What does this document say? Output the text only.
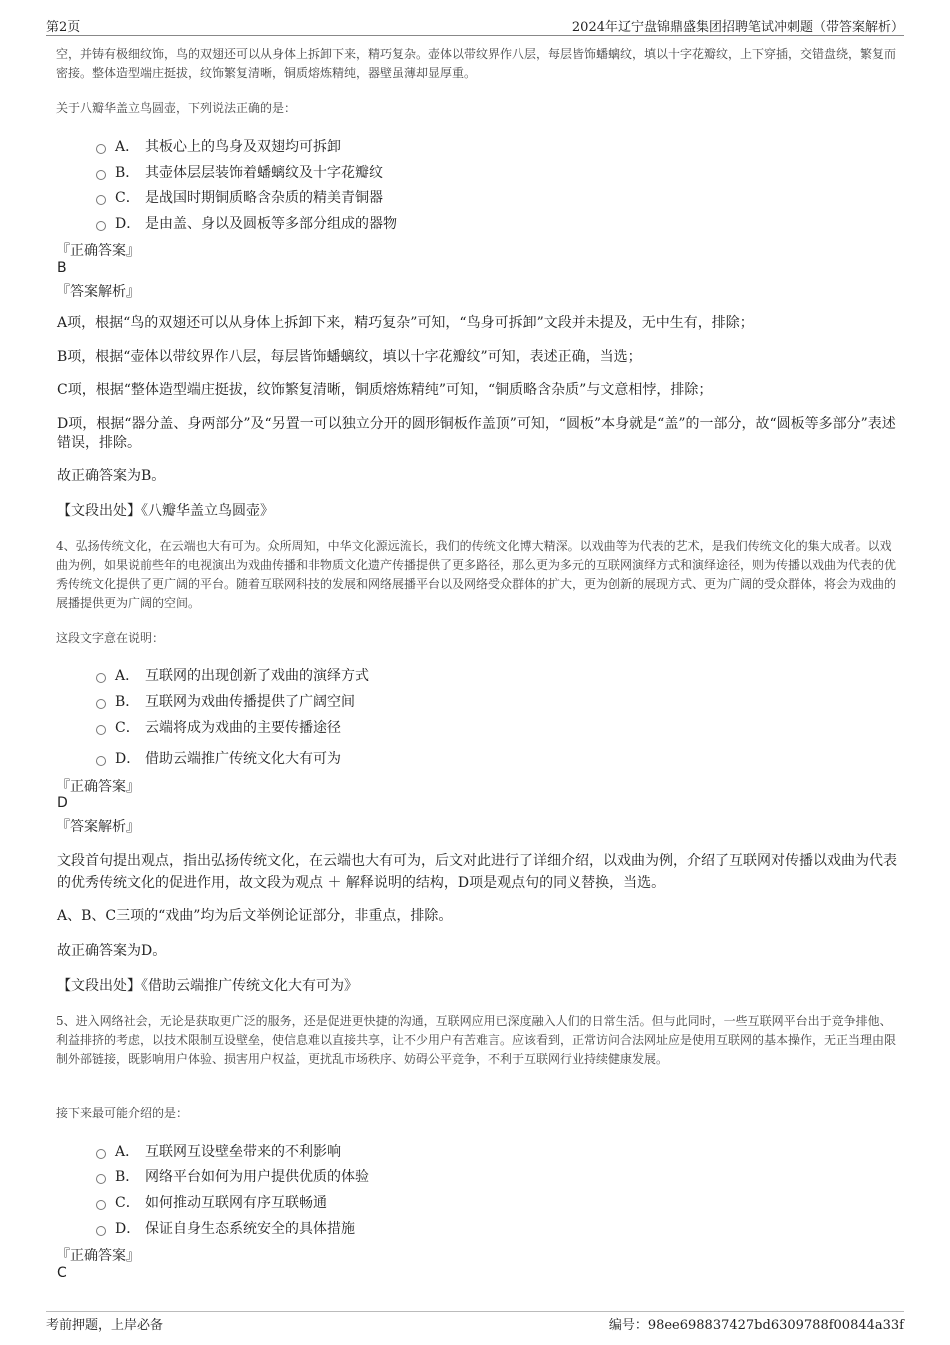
第2页	2024年辽宁盘锦鼎盛集团招聘笔试冲刺题（带答案解析）
空，并铸有极细纹饰，鸟的双翅还可以从身体上拆卸下来，精巧复杂。壶体以带纹界作八层，每层皆饰蟠螭纹，填以十字花瓣纹，上下穿插，交错盘绕，繁复而密接。整体造型端庄挺拔，纹饰繁复清晰，铜质熔炼精纯，器壁虽薄却显厚重。
关于八瓣华盖立鸟圆壶，下列说法正确的是：
A． 其板心上的鸟身及双翅均可拆卸
B． 其壶体层层装饰着蟠螭纹及十字花瓣纹
C． 是战国时期铜质略含杂质的精美青铜器
D． 是由盖、身以及圆板等多部分组成的器物
『正确答案』
B
『答案解析』
A项，根据“鸟的双翅还可以从身体上拆卸下来，精巧复杂”可知，“鸟身可拆卸”文段并未提及，无中生有，排除；
B项，根据“壶体以带纹界作八层，每层皆饰蟠螭纹，填以十字花瓣纹”可知，表述正确，当选；
C项，根据“整体造型端庄挺拔，纹饰繁复清晰，铜质熔炼精纯”可知，“铜质略含杂质”与文意相悖，排除；
D项，根据“器分盖、身两部分”及“另置一可以独立分开的圆形铜板作盖顶”可知，“圆板”本身就是“盖”的一部分，故“圆板等多部分”表述错误，排除。
故正确答案为B。
【文段出处】《八瓣华盖立鸟圆壶》
4、弘扬传统文化，在云端也大有可为。众所周知，中华文化源远流长，我们的传统文化博大精深。以戏曲等为代表的艺术，是我们传统文化的集大成者。以戏曲为例，如果说前些年的电视演出为戏曲传播和非物质文化遗产传播提供了更多路径，那么更为多元的互联网演绎方式和演绎途径，则为传播以戏曲为代表的优秀传统文化提供了更广阔的平台。随着互联网科技的发展和网络展播平台以及网络受众群体的扩大，更为创新的展现方式、更为广阔的受众群体，将会为戏曲的展播提供更为广阔的空间。
这段文字意在说明：
A． 互联网的出现创新了戏曲的演绎方式
B． 互联网为戏曲传播提供了广阔空间
C． 云端将成为戏曲的主要传播途径
D． 借助云端推广传统文化大有可为
『正确答案』
D
『答案解析』
文段首句提出观点，指出弘扬传统文化，在云端也大有可为，后文对此进行了详细介绍，以戏曲为例，介绍了互联网对传播以戏曲为代表的优秀传统文化的促进作用，故文段为观点 ＋ 解释说明的结构，D项是观点句的同义替换，当选。
A、B、C三项的“戏曲”均为后文举例论证部分，非重点，排除。
故正确答案为D。
【文段出处】《借助云端推广传统文化大有可为》
5、进入网络社会，无论是获取更广泛的服务，还是促进更快捷的沟通，互联网应用已深度融入人们的日常生活。但与此同时，一些互联网平台出于竞争排他、利益排挤的考虑，以技术限制互设壁垒，使信息难以直接共享，让不少用户有苦难言。应该看到，正常访问合法网址应是使用互联网的基本操作，无正当理由限制外部链接，既影响用户体验、损害用户权益，更扰乱市场秩序、妨碍公平竞争，不利于互联网行业持续健康发展。
接下来最可能介绍的是：
A． 互联网互设壁垒带来的不利影响
B． 网络平台如何为用户提供优质的体验
C． 如何推动互联网有序互联畅通
D． 保证自身生态系统安全的具体措施
『正确答案』
C
考前押题，上岸必备	编号：98ee698837427bd6309788f00844a33f
